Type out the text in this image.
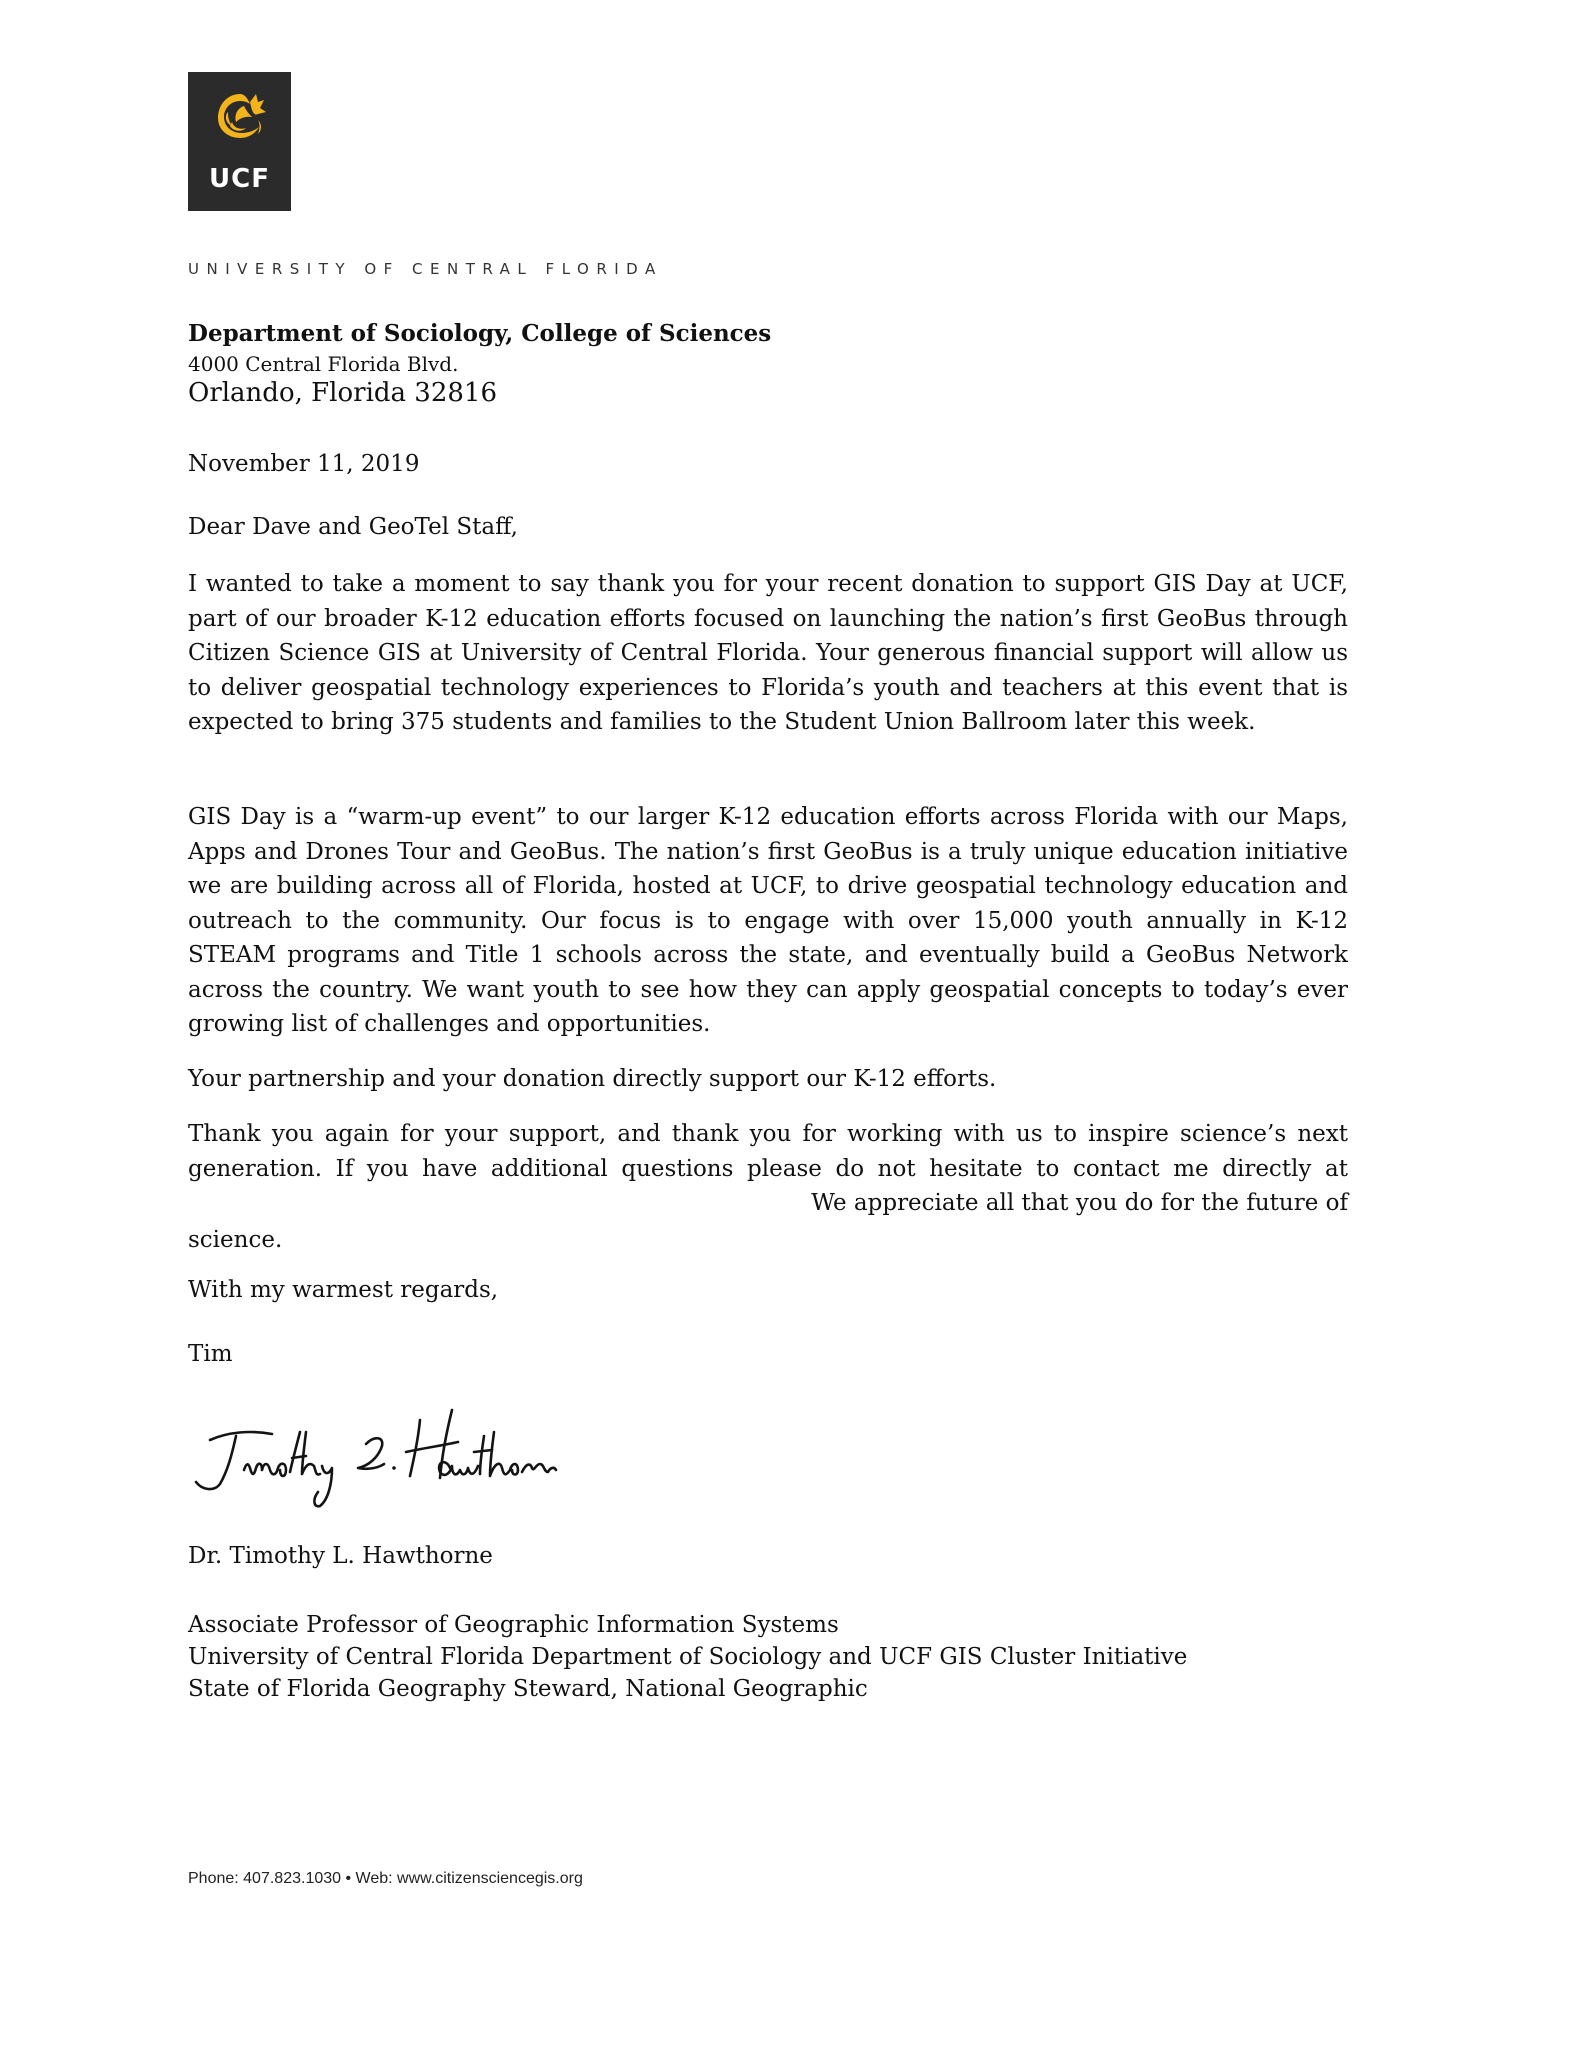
UCF
UNIVERSITY OF CENTRAL FLORIDA
Department of Sociology, College of Sciences
4000 Central Florida Blvd.
Orlando, Florida 32816
November 11, 2019
Dear Dave and GeoTel Staff,

I wanted to take a moment to say thank you for your recent donation to support GIS Day at UCF, part of our broader K-12 education efforts focused on launching the nation’s first GeoBus through Citizen Science GIS at University of Central Florida. Your generous financial support will allow us to deliver geospatial technology experiences to Florida’s youth and teachers at this event that is expected to bring 375 students and families to the Student Union Ballroom later this week.

GIS Day is a “warm-up event” to our larger K-12 education efforts across Florida with our Maps, Apps and Drones Tour and GeoBus. The nation’s first GeoBus is a truly unique education initiative we are building across all of Florida, hosted at UCF, to drive geospatial technology education and outreach to the community. Our focus is to engage with over 15,000 youth annually in K-12 STEAM programs and Title 1 schools across the state, and eventually build a GeoBus Network across the country. We want youth to see how they can apply geospatial concepts to today’s ever growing list of challenges and opportunities.

Your partnership and your donation directly support our K-12 efforts.

Thank you again for your support, and thank you for working with us to inspire science’s next generation. If you have additional questions please do not hesitate to contact me directly at
We appreciate all that you do for the future of
science.
With my warmest regards,
Tim
Dr. Timothy L. Hawthorne
Associate Professor of Geographic Information Systems
University of Central Florida Department of Sociology and UCF GIS Cluster Initiative
State of Florida Geography Steward, National Geographic
Phone: 407.823.1030 • Web: www.citizensciencegis.org
